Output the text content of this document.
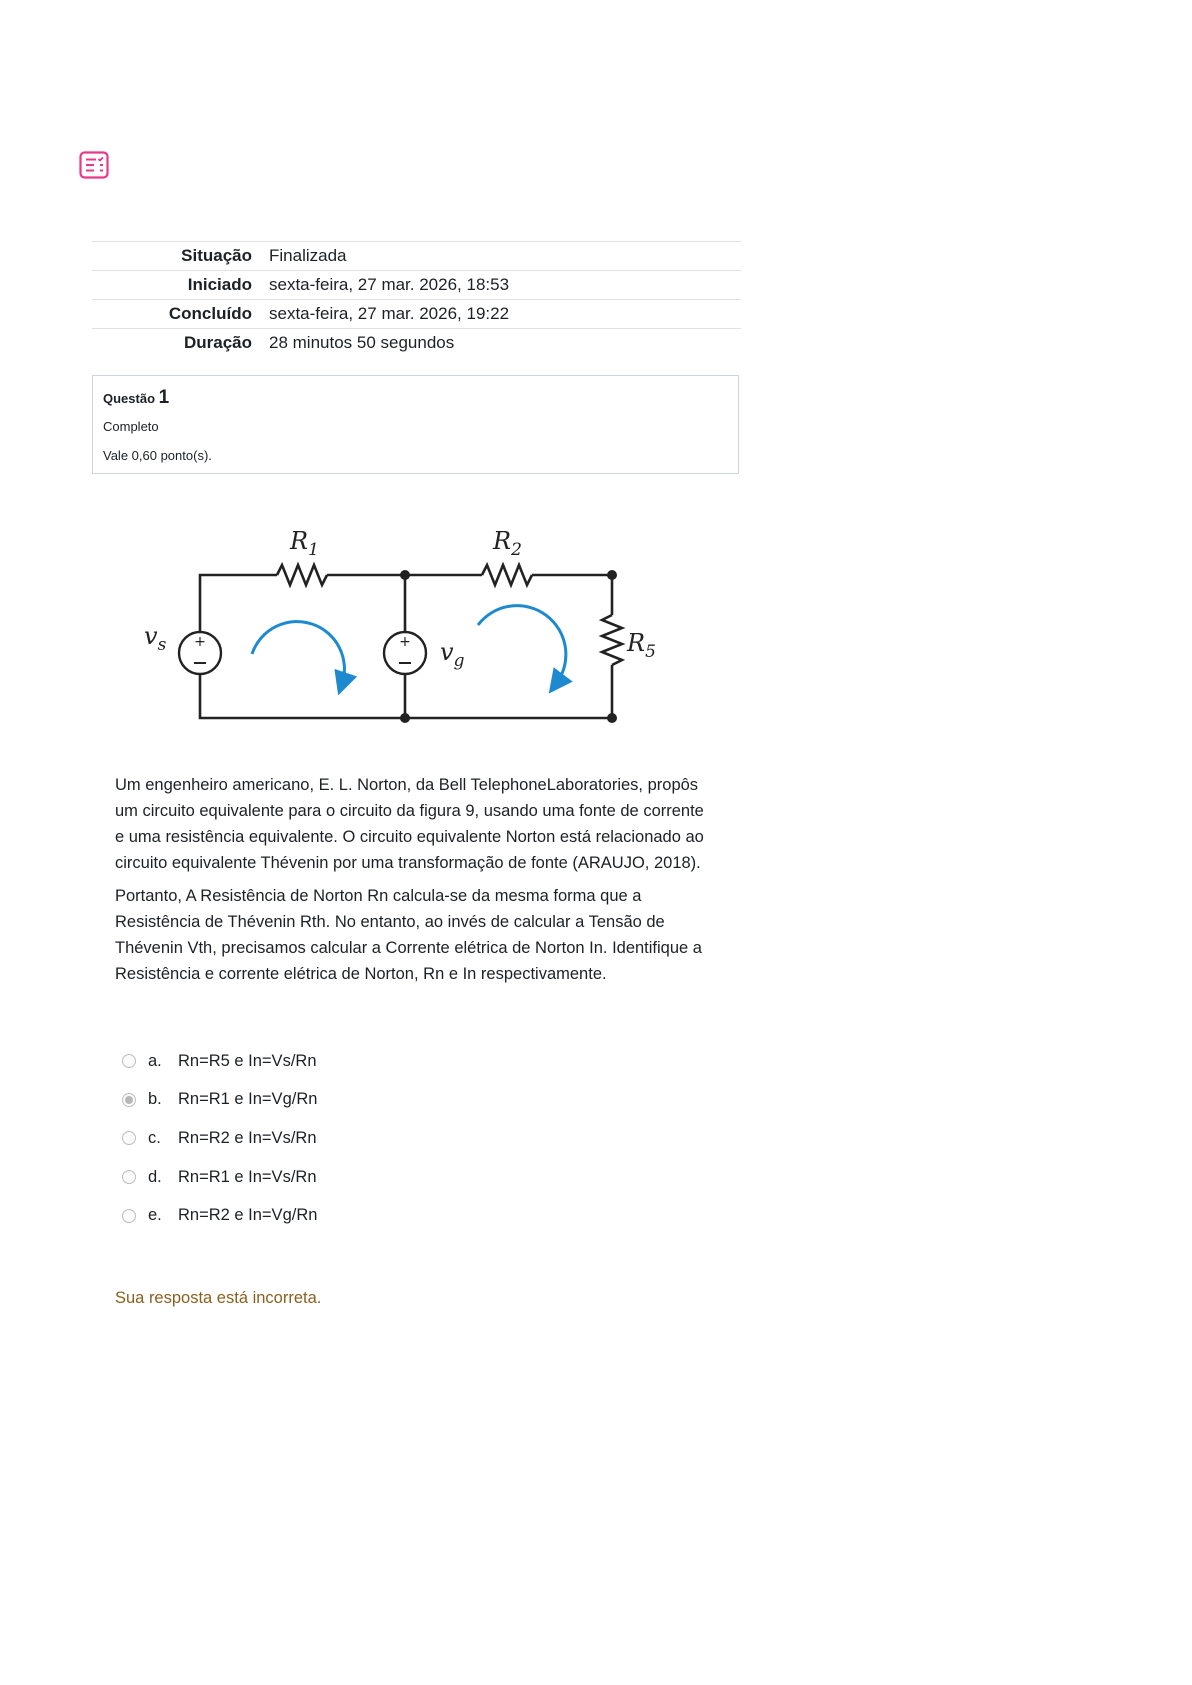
Situação	Finalizada
Iniciado	sexta-feira, 27 mar. 2026, 18:53
Concluído	sexta-feira, 27 mar. 2026, 19:22
Duração	28 minutos 50 segundos
Questão 1
Completo
Vale 0,60 ponto(s).
+	+
$R_1$	$R_2$
$R_5$
$v_s$	$v_g$

Um engenheiro americano, E. L. Norton, da Bell TelephoneLaboratories, propôs um circuito equivalente para o circuito da figura 9, usando uma fonte de corrente e uma resistência equivalente. O circuito equivalente Norton está relacionado ao circuito equivalente Thévenin por uma transformação de fonte (ARAUJO, 2018).

Portanto, A Resistência de Norton Rn calcula-se da mesma forma que a Resistência de Thévenin Rth. No entanto, ao invés de calcular a Tensão de Thévenin Vth, precisamos calcular a Corrente elétrica de Norton In. Identifique a Resistência e corrente elétrica de Norton, Rn e In respectivamente.

a. Rn=R5 e In=Vs/Rn
b. Rn=R1 e In=Vg/Rn
c.	Rn=R2 e In=Vs/Rn
d. Rn=R1 e In=Vs/Rn
e. Rn=R2 e In=Vg/Rn
Sua resposta está incorreta.
